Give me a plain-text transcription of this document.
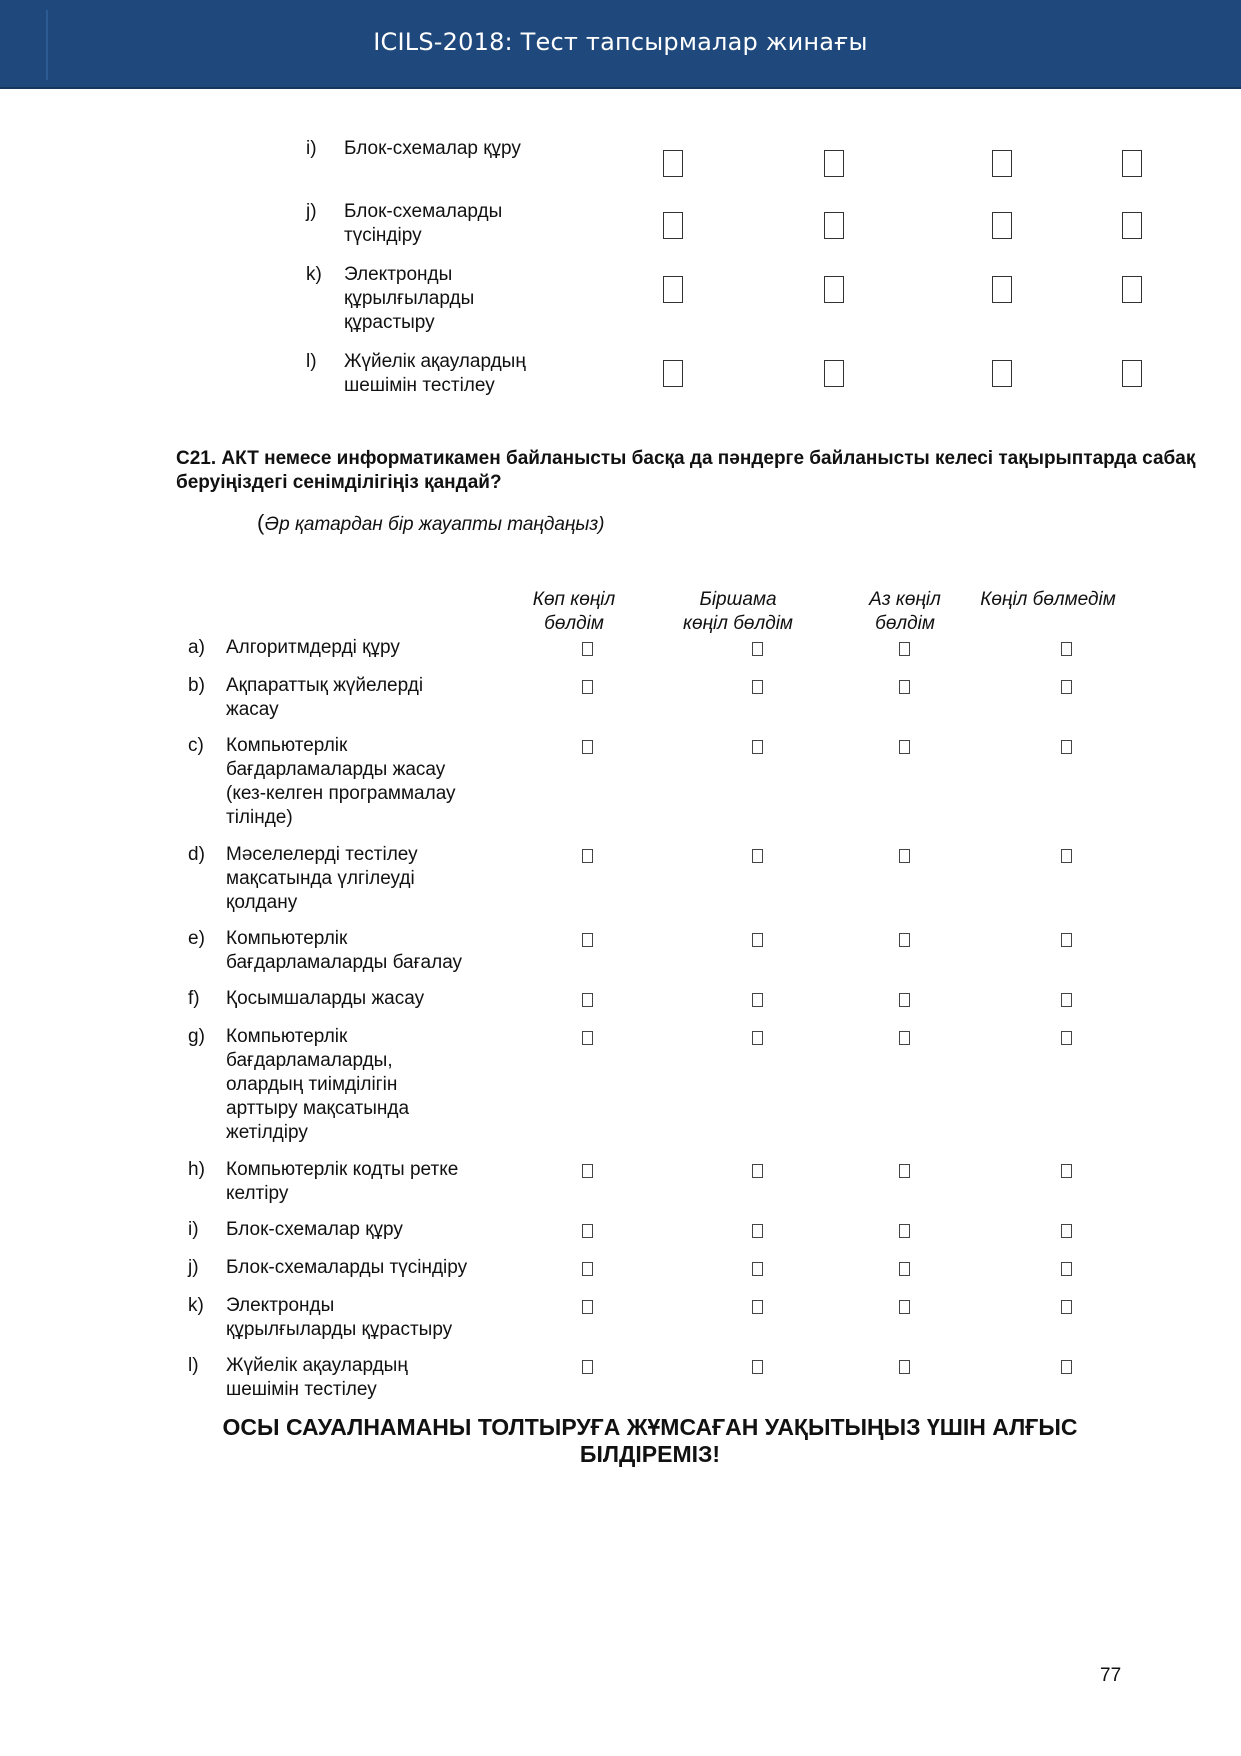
ICILS-2018: Тест тапсырмалар жинағы
i) Блок-схемалар құру
j) Блок-схемаларды
түсіндіру
k) Электронды
құрылғыларды
құрастыру
l) Жүйелік ақаулардың
шешімін тестілеу
С21. АКТ немесе информатикамен байланысты басқа да пәндерге байланысты келесі тақырыптарда сабақ беруіңіздегі сенімділігіңіз қандай?
(Әр қатардан бір жауапты таңдаңыз)
Көп көңіл
бөлдім
Біршама
көңіл бөлдім
Аз көңіл
бөлдім
Көңіл бөлмедім
a) Алгоритмдерді құру
b) Ақпараттық жүйелерді
жасау
c) Компьютерлік
бағдарламаларды жасау
(кез-келген программалау
тілінде)
d) Мәселелерді тестілеу
мақсатында үлгілеуді
қолдану
e) Компьютерлік
бағдарламаларды бағалау
f) Қосымшаларды жасау
g) Компьютерлік
бағдарламаларды,
олардың тиімділігін
арттыру мақсатында
жетілдіру
h) Компьютерлік кодты ретке
келтіру
i) Блок-схемалар құру
j) Блок-схемаларды түсіндіру
k) Электронды
құрылғыларды құрастыру
l) Жүйелік ақаулардың
шешімін тестілеу
ОСЫ САУАЛНАМАНЫ ТОЛТЫРУҒА ЖҰМСАҒАН УАҚЫТЫҢЫЗ ҮШІН АЛҒЫС БІЛДІРЕМІЗ!
77
